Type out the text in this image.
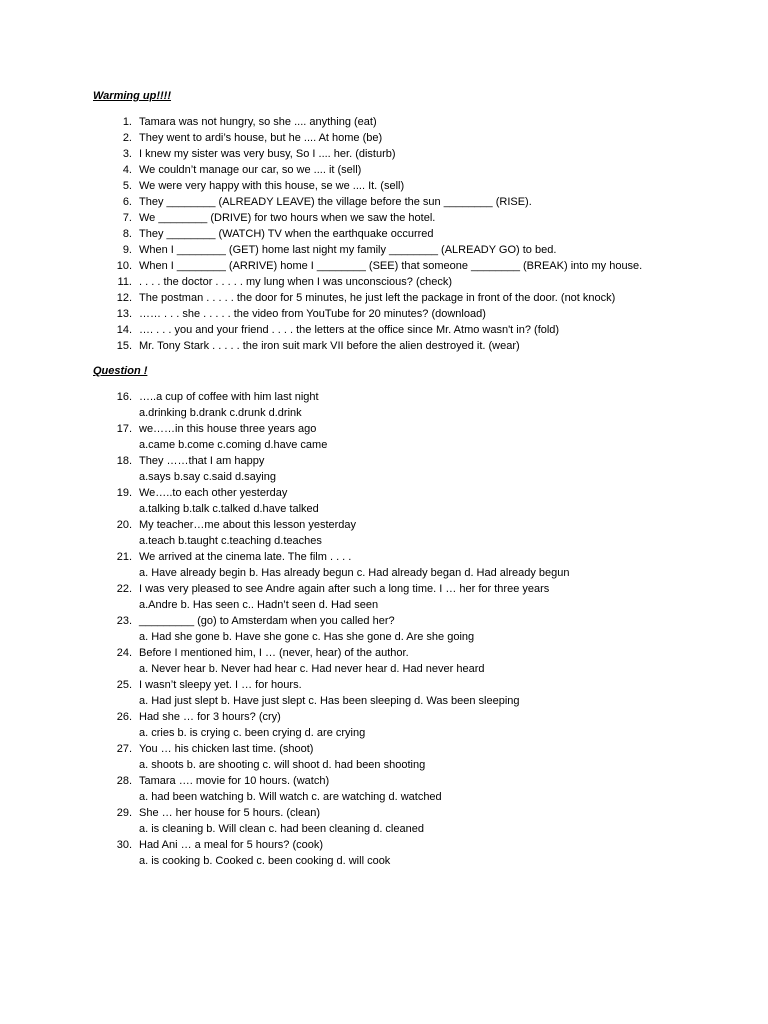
Warming up!!!!
1. Tamara was not hungry, so she .... anything (eat)
2. They went to ardi’s house, but he .... At home (be)
3. I knew my sister was very busy, So I .... her. (disturb)
4. We couldn’t manage our car, so we .... it (sell)
5. We were very happy with this house, se we .... It. (sell)
6. They ________ (ALREADY LEAVE) the village before the sun ________ (RISE).
7. We ________ (DRIVE) for two hours when we saw the hotel.
8. They ________ (WATCH) TV when the earthquake occurred
9. When I ________ (GET) home last night my family ________ (ALREADY GO) to bed.
10. When I ________ (ARRIVE) home I ________ (SEE) that someone ________ (BREAK) into my house.
11. . . . . the doctor . . . . . my lung when I was unconscious? (check)
12. The postman . . . . . the door for 5 minutes, he just left the package in front of the door. (not knock)
13. …… . . . she . . . . . the video from YouTube for 20 minutes? (download)
14. …. . . . you and your friend . . . . the letters at the office since Mr. Atmo wasn't in? (fold)
15. Mr. Tony Stark . . . . . the iron suit mark VII before the alien destroyed it. (wear)
Question !
16. …..a cup of coffee with him last night
a.drinking b.drank c.drunk d.drink
17. we……in this house three years ago
a.came b.come c.coming d.have came
18. They ……that I am happy
a.says b.say c.said d.saying
19. We…..to each other yesterday
a.talking b.talk c.talked d.have talked
20. My teacher…me about this lesson yesterday
a.teach b.taught c.teaching d.teaches
21. We arrived at the cinema late. The film . . . .
a. Have already begin b. Has already begun c. Had already began d. Had already begun
22. I was very pleased to see Andre again after such a long time. I … her for three years
a.Andre b. Has seen c.. Hadn’t seen d. Had seen
23. _________ (go) to Amsterdam when you called her?
a. Had she gone b. Have she gone c. Has she gone d. Are she going
24. Before I mentioned him, I … (never, hear) of the author.
a. Never hear b. Never had hear c. Had never hear d. Had never heard
25. I wasn’t sleepy yet. I … for hours.
a. Had just slept b. Have just slept c. Has been sleeping d. Was been sleeping
26. Had she … for 3 hours? (cry)
a. cries b. is crying c. been crying d. are crying
27. You … his chicken last time. (shoot)
a. shoots b. are shooting c. will shoot d. had been shooting
28. Tamara …. movie for 10 hours. (watch)
a. had been watching b. Will watch c. are watching d. watched
29. She … her house for 5 hours. (clean)
a. is cleaning b. Will clean c. had been cleaning d. cleaned
30. Had Ani … a meal for 5 hours? (cook)
a. is cooking b. Cooked c. been cooking d. will cook
